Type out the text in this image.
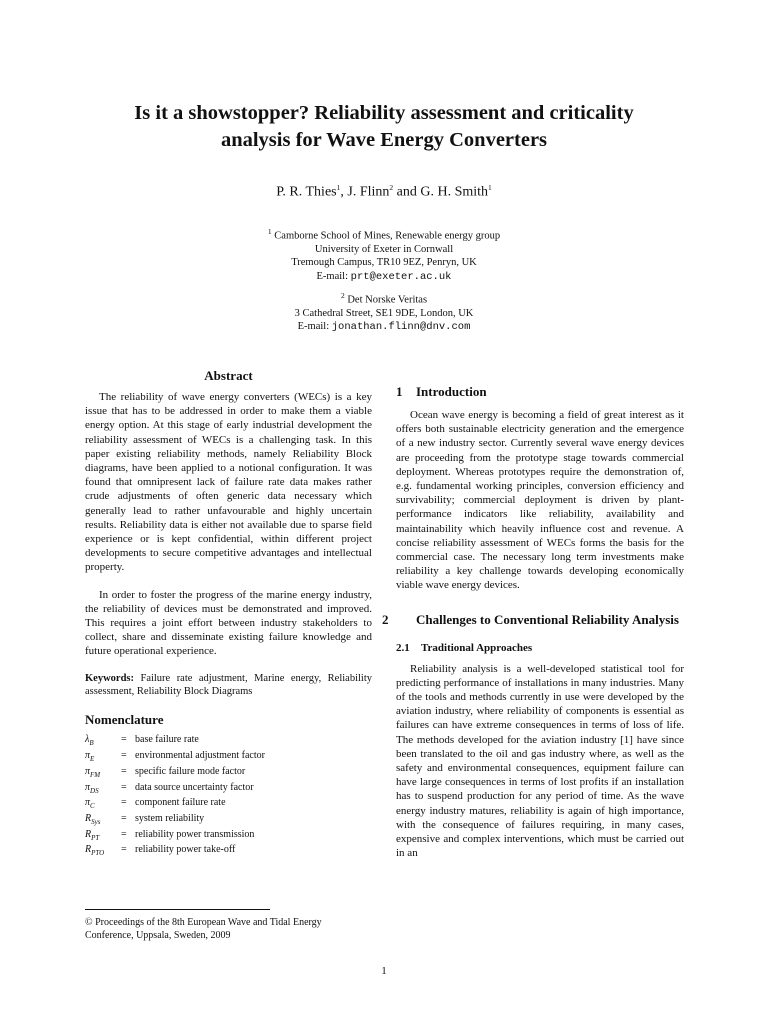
Is it a showstopper? Reliability assessment and criticality
analysis for Wave Energy Converters
P. R. Thies$^1$, J. Flinn$^2$ and G. H. Smith$^1$
$^1$ Camborne School of Mines, Renewable energy group
University of Exeter in Cornwall
Tremough Campus, TR10 9EZ, Penryn, UK
E-mail: prt@exeter.ac.uk
$^2$ Det Norske Veritas
3 Cathedral Street, SE1 9DE, London, UK
E-mail: jonathan.flinn@dnv.com
Abstract

The reliability of wave energy converters (WECs) is a key issue that has to be addressed in order to make them a viable energy option. At this stage of early industrial development the reliability assessment of WECs is a challenging task. In this paper existing reliability methods, namely Reliability Block diagrams, have been applied to a notional configuration. It was found that omnipresent lack of failure rate data makes rather crude adjustments of often generic data necessary which generally lead to rather unfavourable and highly uncertain results. Reliability data is either not available due to sparse field experience or is kept confidential, within different project developments to secure competitive advantages and intellectual property.

In order to foster the progress of the marine energy industry, the reliability of devices must be demonstrated and improved. This requires a joint effort between industry stakeholders to collect, share and disseminate existing failure knowledge and future operational experience.

Keywords: Failure rate adjustment, Marine energy, Reliability assessment, Reliability Block Diagrams

Nomenclature
$\lambda_B$	=	base failure rate
$\pi_E$	=	environmental adjustment factor
$\pi_{FM}$	=	specific failure mode factor
$\pi_{DS}$	=	data source uncertainty factor
$\pi_C$	=	component failure rate
$R_{Sys}$	=	system reliability
$R_{PT}$	=	reliability power transmission
$R_{PTO}$	=	reliability power take-off
© Proceedings of the 8th European Wave and Tidal Energy Conference, Uppsala, Sweden, 2009
1 Introduction

Ocean wave energy is becoming a field of great interest as it offers both sustainable electricity generation and the emergence of a new industry sector. Currently several wave energy devices are proceeding from the prototype stage towards commercial deployment. Whereas prototypes require the demonstration of, e.g. fundamental working principles, conversion efficiency and survivability; commercial deployment is driven by plant-performance indicators like reliability, availability and maintainability which heavily influence cost and revenue. A concise reliability assessment of WECs forms the basis for the commercial case. The necessary long term investments make reliability a key challenge towards developing economically viable wave energy devices.

2 Challenges to Conventional Reliability Analysis
2.1 Traditional Approaches

Reliability analysis is a well-developed statistical tool for predicting performance of installations in many industries. Many of the tools and methods currently in use were developed by the aviation industry, where reliability of components is essential as failures can have extreme consequences in terms of loss of life. The methods developed for the aviation industry [1] have since been translated to the oil and gas industry where, as well as the safety and environmental consequences, equipment failure can have large consequences in terms of lost profits if an installation has to suspend production for any period of time. As the wave energy industry matures, reliability is again of high importance, with the consequence of failures requiring, in many cases, expensive and complex interventions, which must be carried out in an

1
